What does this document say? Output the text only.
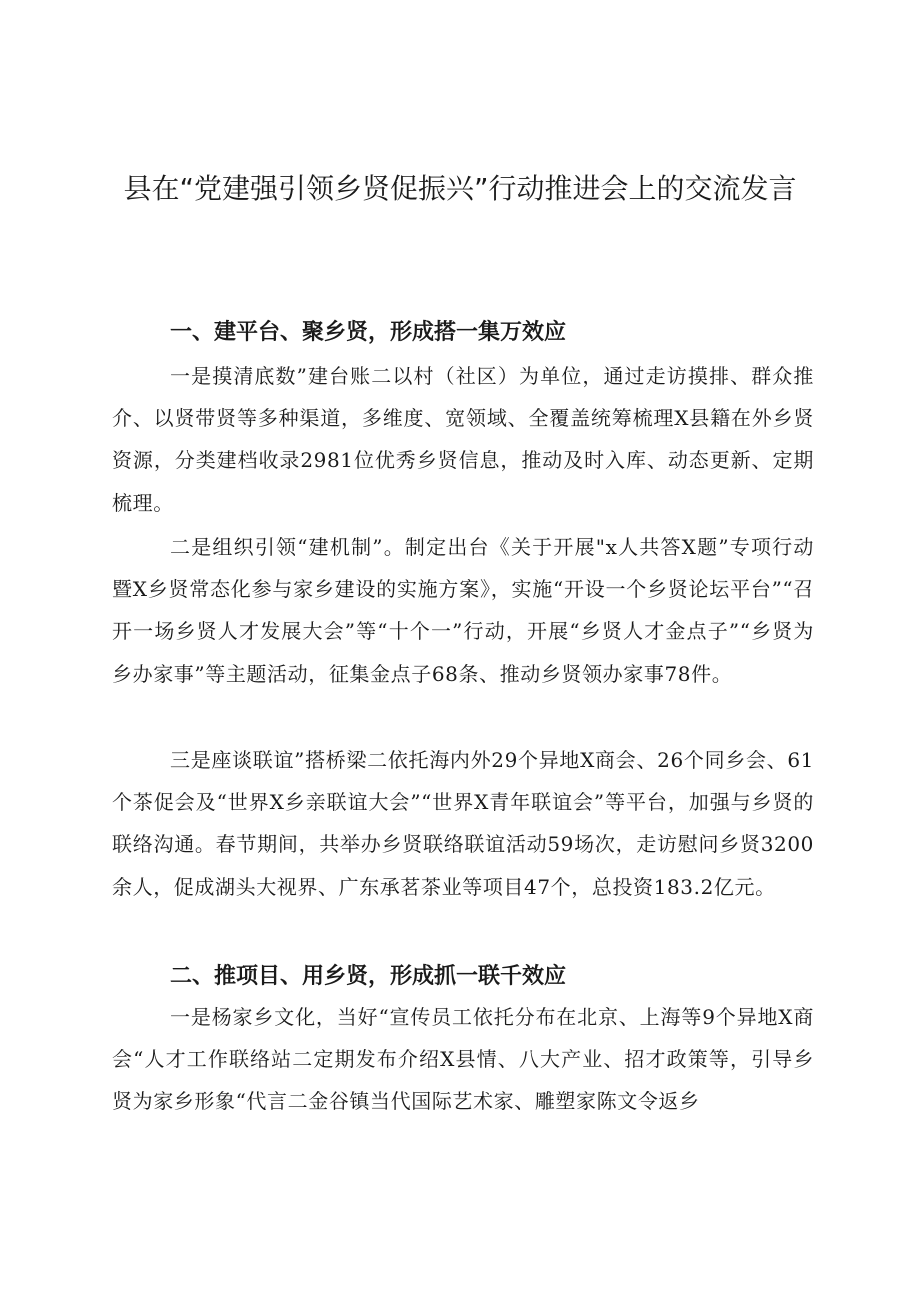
县在“党建强引领乡贤促振兴”行动推进会上的交流发言
一、建平台、聚乡贤，形成搭一集万效应

一是摸清底数”建台账二以村（社区）为单位，通过走访摸排、群众推介、以贤带贤等多种渠道，多维度、宽领域、全覆盖统筹梳理X县籍在外乡贤资源，分类建档收录2981位优秀乡贤信息，推动及时入库、动态更新、定期梳理。

二是组织引领“建机制”。制定出台《关于开展"x人共答X题”专项行动暨X乡贤常态化参与家乡建设的实施方案》，实施“开设一个乡贤论坛平台”“召开一场乡贤人才发展大会”等“十个一”行动，开展“乡贤人才金点子”“乡贤为乡办家事”等主题活动，征集金点子68条、推动乡贤领办家事78件。

三是座谈联谊”搭桥梁二依托海内外29个异地X商会、26个同乡会、61个茶促会及“世界X乡亲联谊大会”“世界X青年联谊会”等平台，加强与乡贤的联络沟通。春节期间，共举办乡贤联络联谊活动59场次，走访慰问乡贤3200余人，促成湖头大视界、广东承茗茶业等项目47个，总投资183.2亿元。

二、推项目、用乡贤，形成抓一联千效应

一是杨家乡文化，当好“宣传员工依托分布在北京、上海等9个异地X商会“人才工作联络站二定期发布介绍X县情、八大产业、招才政策等，引导乡贤为家乡形象“代言二金谷镇当代国际艺术家、雕塑家陈文令返乡
